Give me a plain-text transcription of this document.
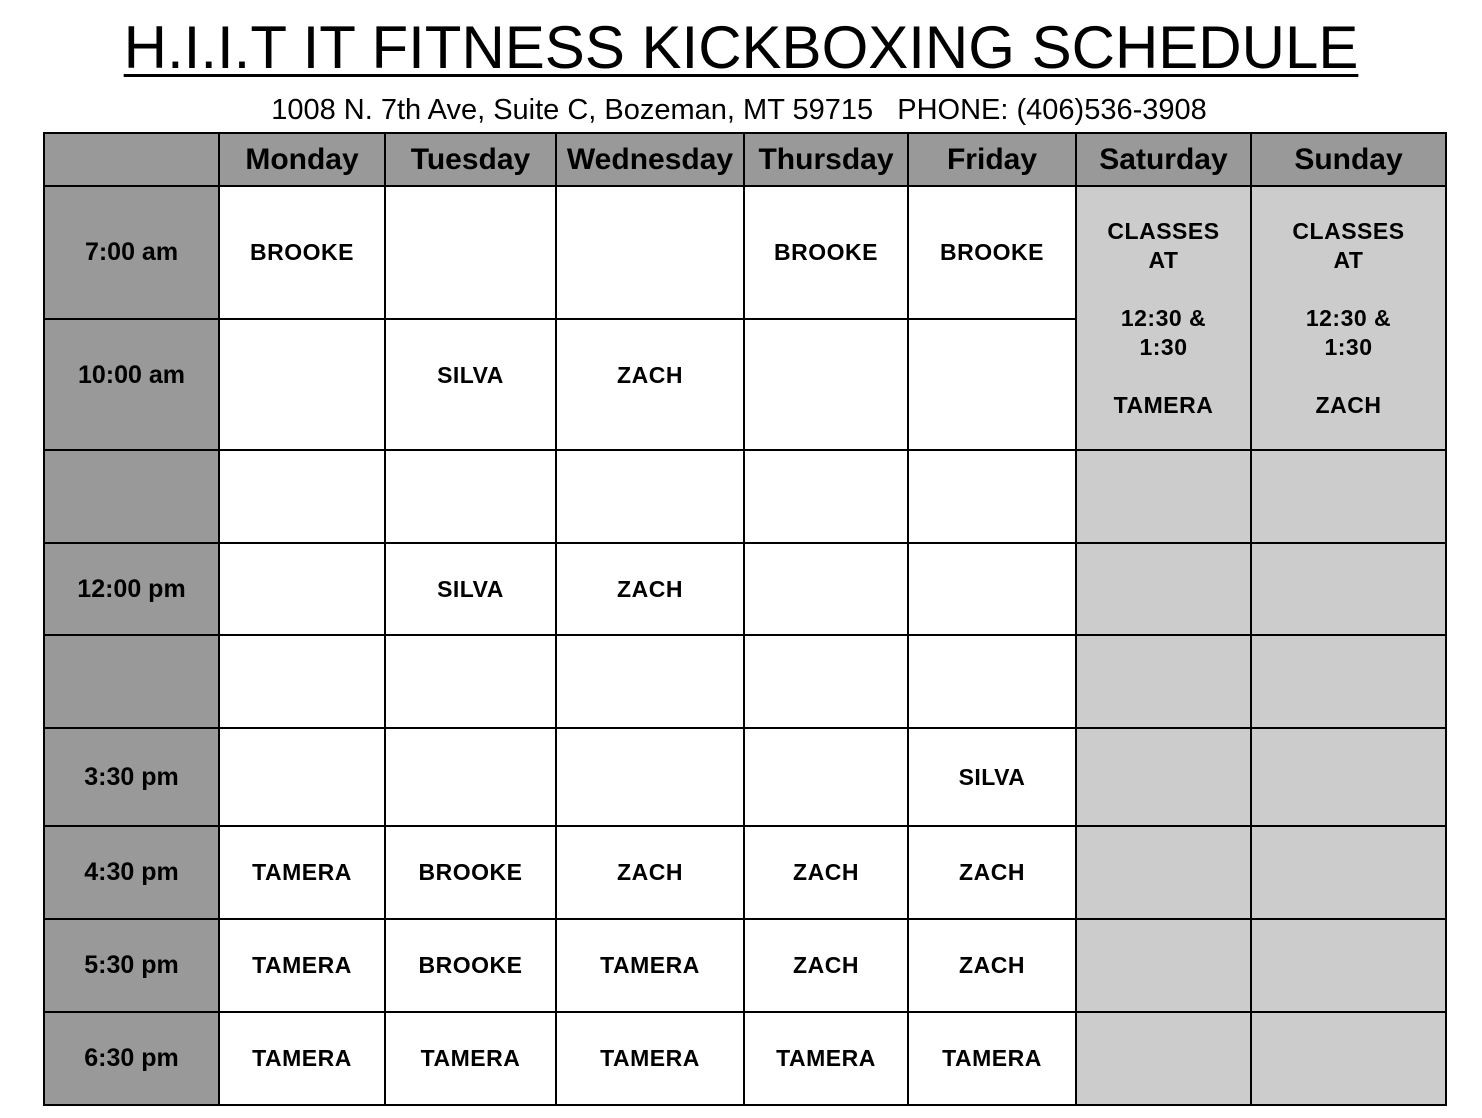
H.I.I.T IT FITNESS KICKBOXING SCHEDULE
1008 N. 7th Ave, Suite C, Bozeman, MT 59715   PHONE: (406)536-3908
	Monday	Tuesday	Wednesday	Thursday	Friday	Saturday	Sunday
7:00 am	BROOKE			BROOKE	BROOKE	CLASSES
AT
12:30 &
1:30
TAMERA	CLASSES
AT
12:30 &
1:30
ZACH

10:00 am		SILVA	ZACH				

12:00 pm		SILVA	ZACH				

3:30 pm					SILVA		
4:30 pm	TAMERA	BROOKE	ZACH	ZACH	ZACH		
5:30 pm	TAMERA	BROOKE	TAMERA	ZACH	ZACH		
6:30 pm	TAMERA	TAMERA	TAMERA	TAMERA	TAMERA		
